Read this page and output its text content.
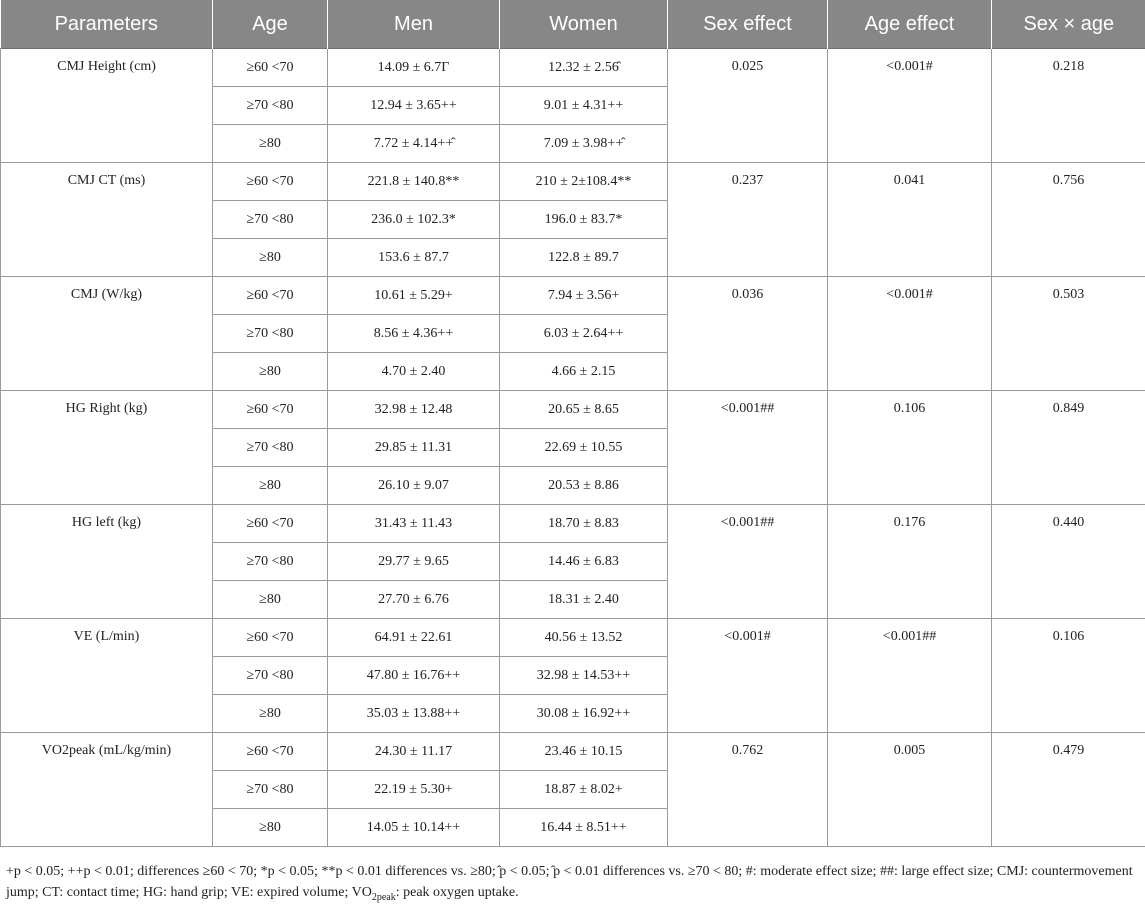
Parameters	Age	Men	Women	Sex effect	Age effect	Sex × age
CMJ Height (cm)	≥60 <70	14.09 ± 6.7Γ	12.32 ± 2.56̂	0.025	<0.001#	0.218
	≥70 <80	12.94 ± 3.65++	9.01 ± 4.31++			
	≥80	7.72 ± 4.14++̂	7.09 ± 3.98++̂			
CMJ CT (ms)	≥60 <70	221.8 ± 140.8**	210 ± 2±108.4**	0.237	0.041	0.756
	≥70 <80	236.0 ± 102.3*	196.0 ± 83.7*			
	≥80	153.6 ± 87.7	122.8 ± 89.7			
CMJ (W/kg)	≥60 <70	10.61 ± 5.29+	7.94 ± 3.56+	0.036	<0.001#	0.503
	≥70 <80	8.56 ± 4.36++	6.03 ± 2.64++			
	≥80	4.70 ± 2.40	4.66 ± 2.15			
HG Right (kg)	≥60 <70	32.98 ± 12.48	20.65 ± 8.65	<0.001##	0.106	0.849
	≥70 <80	29.85 ± 11.31	22.69 ± 10.55			
	≥80	26.10 ± 9.07	20.53 ± 8.86			
HG left (kg)	≥60 <70	31.43 ± 11.43	18.70 ± 8.83	<0.001##	0.176	0.440
	≥70 <80	29.77 ± 9.65	14.46 ± 6.83			
	≥80	27.70 ± 6.76	18.31 ± 2.40			
VE (L/min)	≥60 <70	64.91 ± 22.61	40.56 ± 13.52	<0.001#	<0.001##	0.106
	≥70 <80	47.80 ± 16.76++	32.98 ± 14.53++			
	≥80	35.03 ± 13.88++	30.08 ± 16.92++			
VO2peak (mL/kg/min)	≥60 <70	24.30 ± 11.17	23.46 ± 10.15	0.762	0.005	0.479
	≥70 <80	22.19 ± 5.30+	18.87 ± 8.02+			
	≥80	14.05 ± 10.14++	16.44 ± 8.51++			
+p < 0.05; ++p < 0.01; differences ≥60 < 70; *p < 0.05; **p < 0.01 differences vs. ≥80; ̂p < 0.05; ̂p < 0.01 differences vs. ≥70 < 80; #: moderate effect size; ##: large effect size; CMJ: countermovement jump; CT: contact time; HG: hand grip; VE: expired volume; $VO_{2peak}$: peak oxygen uptake.
